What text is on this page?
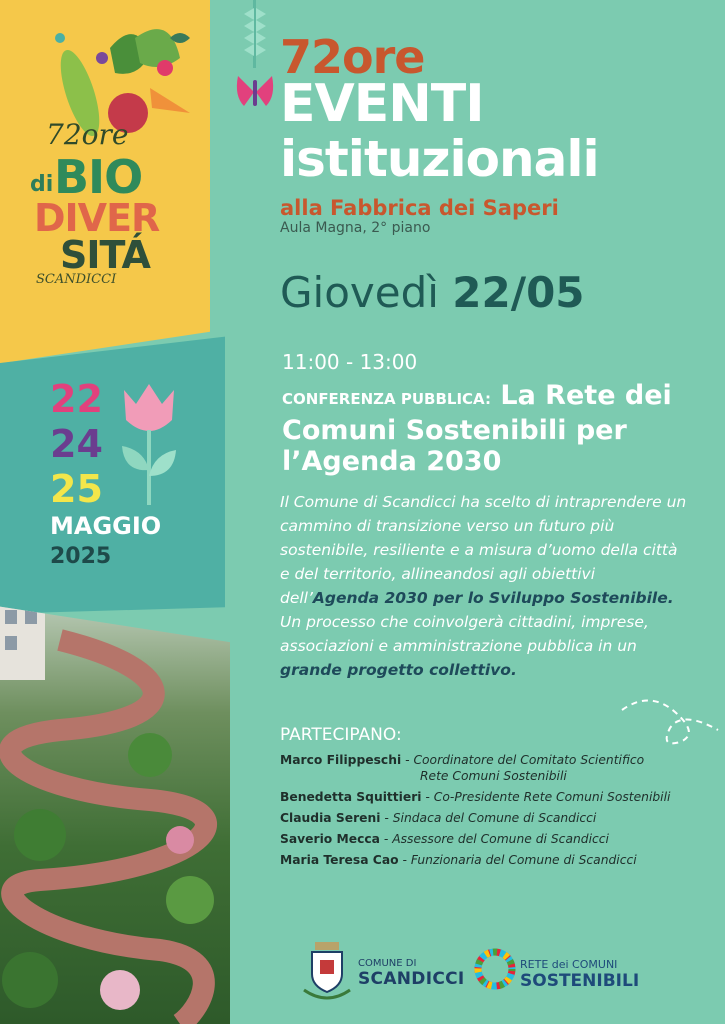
72ore
di BIO
DIVER
SITÁ
SCANDICCI
22
24
25
MAGGIO
2025
72ore
EVENTI
istituzionali
alla Fabbrica dei Saperi
Aula Magna, 2° piano
Giovedì 22/05
11:00 - 13:00
CONFERENZA PUBBLICA: La Rete dei Comuni Sostenibili per l’Agenda 2030
Il Comune di Scandicci ha scelto di intraprendere un cammino di transizione verso un futuro più sostenibile, resiliente e a misura d’uomo della città e del territorio, allineandosi agli obiettivi dell’Agenda 2030 per lo Sviluppo Sostenibile. Un processo che coinvolgerà cittadini, imprese, associazioni e amministrazione pubblica in un grande progetto collettivo.
PARTECIPANO:
Marco Filippeschi - Coordinatore del Comitato Scientifico
Rete Comuni Sostenibili
Benedetta Squittieri - Co-Presidente Rete Comuni Sostenibili
Claudia Sereni - Sindaca del Comune di Scandicci
Saverio Mecca - Assessore del Comune di Scandicci
Maria Teresa Cao - Funzionaria del Comune di Scandicci
COMUNE DI
SCANDICCI
RETE dei COMUNI
SOSTENIBILI
